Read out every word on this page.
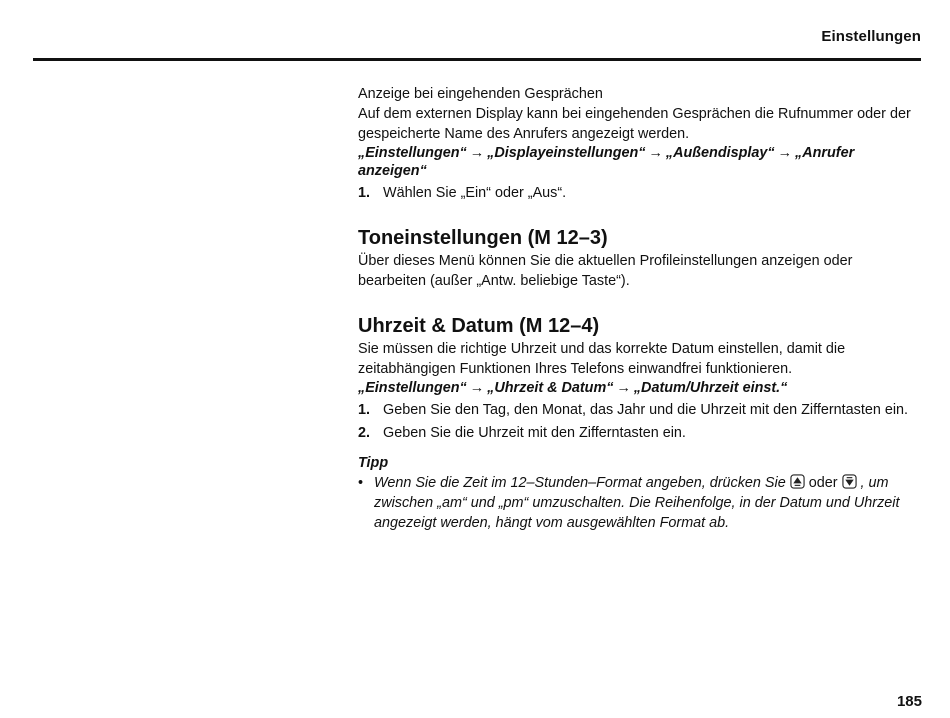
Einstellungen

Anzeige bei eingehenden Gesprächen

Auf dem externen Display kann bei eingehenden Gesprächen die Rufnummer oder der gespeicherte Name des Anrufers angezeigt werden.

„Einstellungen“ → „Displayeinstellungen“ → „Außendisplay“ → „Anrufer anzeigen“

1. Wählen Sie „Ein“ oder „Aus“.
Toneinstellungen (M 12–3)

Über dieses Menü können Sie die aktuellen Profileinstellungen anzeigen oder bearbeiten (außer „Antw. beliebige Taste“).

Uhrzeit & Datum (M 12–4)

Sie müssen die richtige Uhrzeit und das korrekte Datum einstellen, damit die zeitabhängigen Funktionen Ihres Telefons einwandfrei funktionieren.

„Einstellungen“ → „Uhrzeit & Datum“ → „Datum/Uhrzeit einst.“

1. Geben Sie den Tag, den Monat, das Jahr und die Uhrzeit mit den Zifferntasten ein.
2. Geben Sie die Uhrzeit mit den Zifferntasten ein.
Tipp
• Wenn Sie die Zeit im 12–Stunden–Format angeben, drücken Sie oder , um zwischen „am“ und „pm“ umzuschalten. Die Reihenfolge, in der Datum und Uhrzeit angezeigt werden, hängt vom ausgewählten Format ab.
185
